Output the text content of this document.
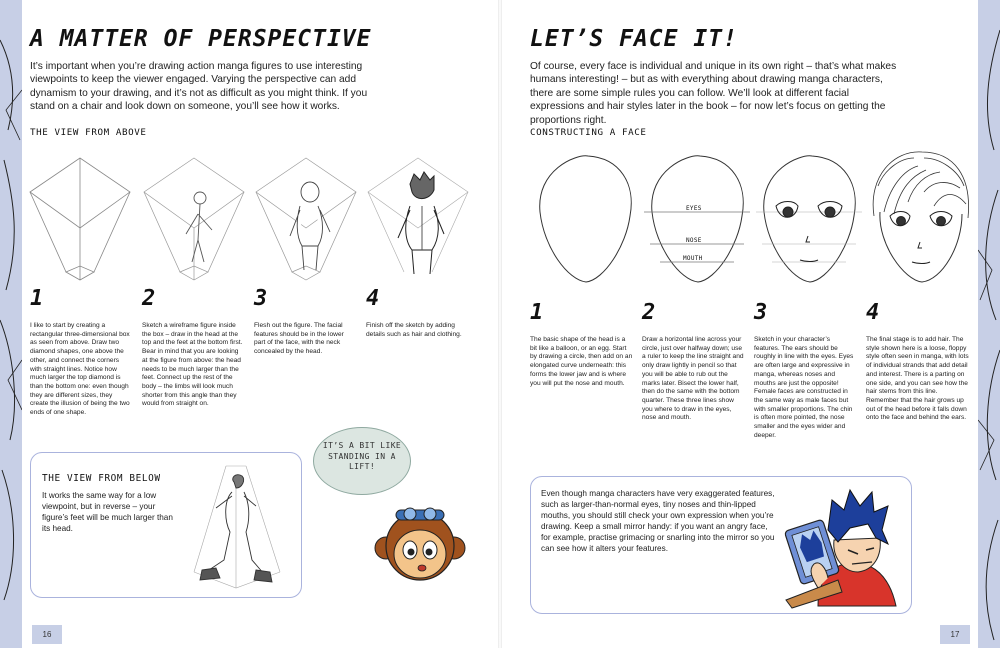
A MATTER OF PERSPECTIVE
It’s important when you’re drawing action manga figures to use interesting viewpoints to keep the viewer engaged. Varying the perspective can add dynamism to your drawing, and it’s not as difficult as you might think. If you stand on a chair and look down on someone, you’ll see how it works.
THE VIEW FROM ABOVE
1	2	3	4
I like to start by creating a rectangular three-dimensional box as seen from above. Draw two diamond shapes, one above the other, and connect the corners with straight lines. Notice how much larger the top diamond is than the bottom one: even though they are different sizes, they create the illusion of being the two ends of one shape.
Sketch a wireframe figure inside the box – draw in the head at the top and the feet at the bottom first. Bear in mind that you are looking at the figure from above: the head needs to be much larger than the feet. Connect up the rest of the body – the limbs will look much shorter from this angle than they would from straight on.
Flesh out the figure. The facial features should be in the lower part of the face, with the neck concealed by the head.
Finish off the sketch by adding details such as hair and clothing.
THE VIEW FROM BELOW
It works the same way for a low viewpoint, but in reverse – your figure’s feet will be much larger than its head.
IT’S A BIT LIKE STANDING IN A LIFT!
16
LET’S FACE IT!
Of course, every face is individual and unique in its own right – that’s what makes humans interesting! – but as with everything about drawing manga characters, there are some simple rules you can follow. We’ll look at different facial expressions and hair styles later in the book – for now let’s focus on getting the proportions right.
CONSTRUCTING A FACE
EYES
NOSE
MOUTH
1	2	3	4
The basic shape of the head is a bit like a balloon, or an egg. Start by drawing a circle, then add on an elongated curve underneath: this forms the lower jaw and is where you will put the nose and mouth.
Draw a horizontal line across your circle, just over halfway down; use a ruler to keep the line straight and only draw lightly in pencil so that you will be able to rub out the marks later. Bisect the lower half, then do the same with the bottom quarter. These three lines show you where to draw in the eyes, nose and mouth.
Sketch in your character’s features. The ears should be roughly in line with the eyes. Eyes are often large and expressive in manga, whereas noses and mouths are just the opposite! Female faces are constructed in the same way as male faces but with smaller proportions. The chin is often more pointed, the nose smaller and the eyes wider and deeper.
The final stage is to add hair. The style shown here is a loose, floppy style often seen in manga, with lots of individual strands that add detail and interest. There is a parting on one side, and you can see how the hair stems from this line. Remember that the hair grows up out of the head before it falls down onto the face and behind the ears.
Even though manga characters have very exaggerated features, such as larger-than-normal eyes, tiny noses and thin-lipped mouths, you should still check your own expression when you’re drawing. Keep a small mirror handy: if you want an angry face, for example, practise grimacing or snarling into the mirror so you can see how it alters your features.
17
